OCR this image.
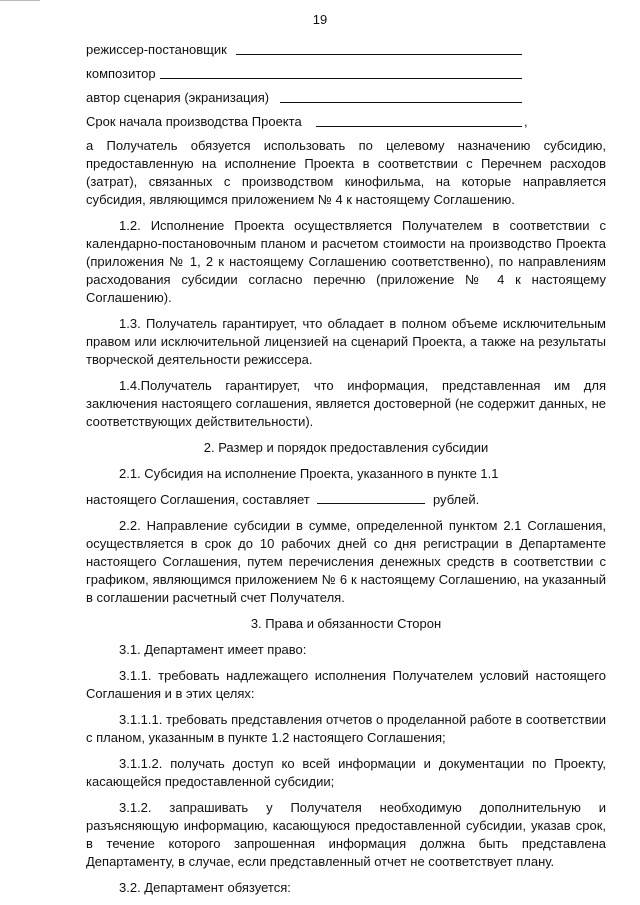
19
режиссер-постановщик
композитор
автор сценария (экранизация)
Срок начала производства Проекта	,
а Получатель обязуется использовать по целевому назначению субсидию, предоставленную на исполнение Проекта в соответствии с Перечнем расходов (затрат), связанных с производством кинофильма, на которые направляется субсидия, являющимся приложением № 4 к настоящему Соглашению.
1.2. Исполнение Проекта осуществляется Получателем в соответствии с календарно-постановочным планом и расчетом стоимости на производство Проекта (приложения № 1, 2 к настоящему Соглашению соответственно), по направлениям расходования субсидии согласно перечню (приложение № 4 к настоящему Соглашению).
1.3. Получатель гарантирует, что обладает в полном объеме исключительным правом или исключительной лицензией на сценарий Проекта, а также на результаты творческой деятельности режиссера.
1.4.Получатель гарантирует, что информация, представленная им для заключения настоящего соглашения, является достоверной (не содержит данных, не соответствующих действительности).
2. Размер и порядок предоставления субсидии
2.1. Субсидия на исполнение Проекта, указанного в пункте 1.1
настоящего Соглашения, составляет	рублей.
2.2. Направление субсидии в сумме, определенной пунктом 2.1 Соглашения, осуществляется в срок до 10 рабочих дней со дня регистрации в Департаменте настоящего Соглашения, путем перечисления денежных средств в соответствии с графиком, являющимся приложением № 6 к настоящему Соглашению, на указанный в соглашении расчетный счет Получателя.
3. Права и обязанности Сторон
3.1. Департамент имеет право:
3.1.1. требовать надлежащего исполнения Получателем условий настоящего Соглашения и в этих целях:
3.1.1.1. требовать представления отчетов о проделанной работе в соответствии с планом, указанным в пункте 1.2 настоящего Соглашения;
3.1.1.2. получать доступ ко всей информации и документации по Проекту, касающейся предоставленной субсидии;
3.1.2. запрашивать у Получателя необходимую дополнительную и разъясняющую информацию, касающуюся предоставленной субсидии, указав срок, в течение которого запрошенная информация должна быть представлена Департаменту, в случае, если представленный отчет не соответствует плану.
3.2. Департамент обязуется:
